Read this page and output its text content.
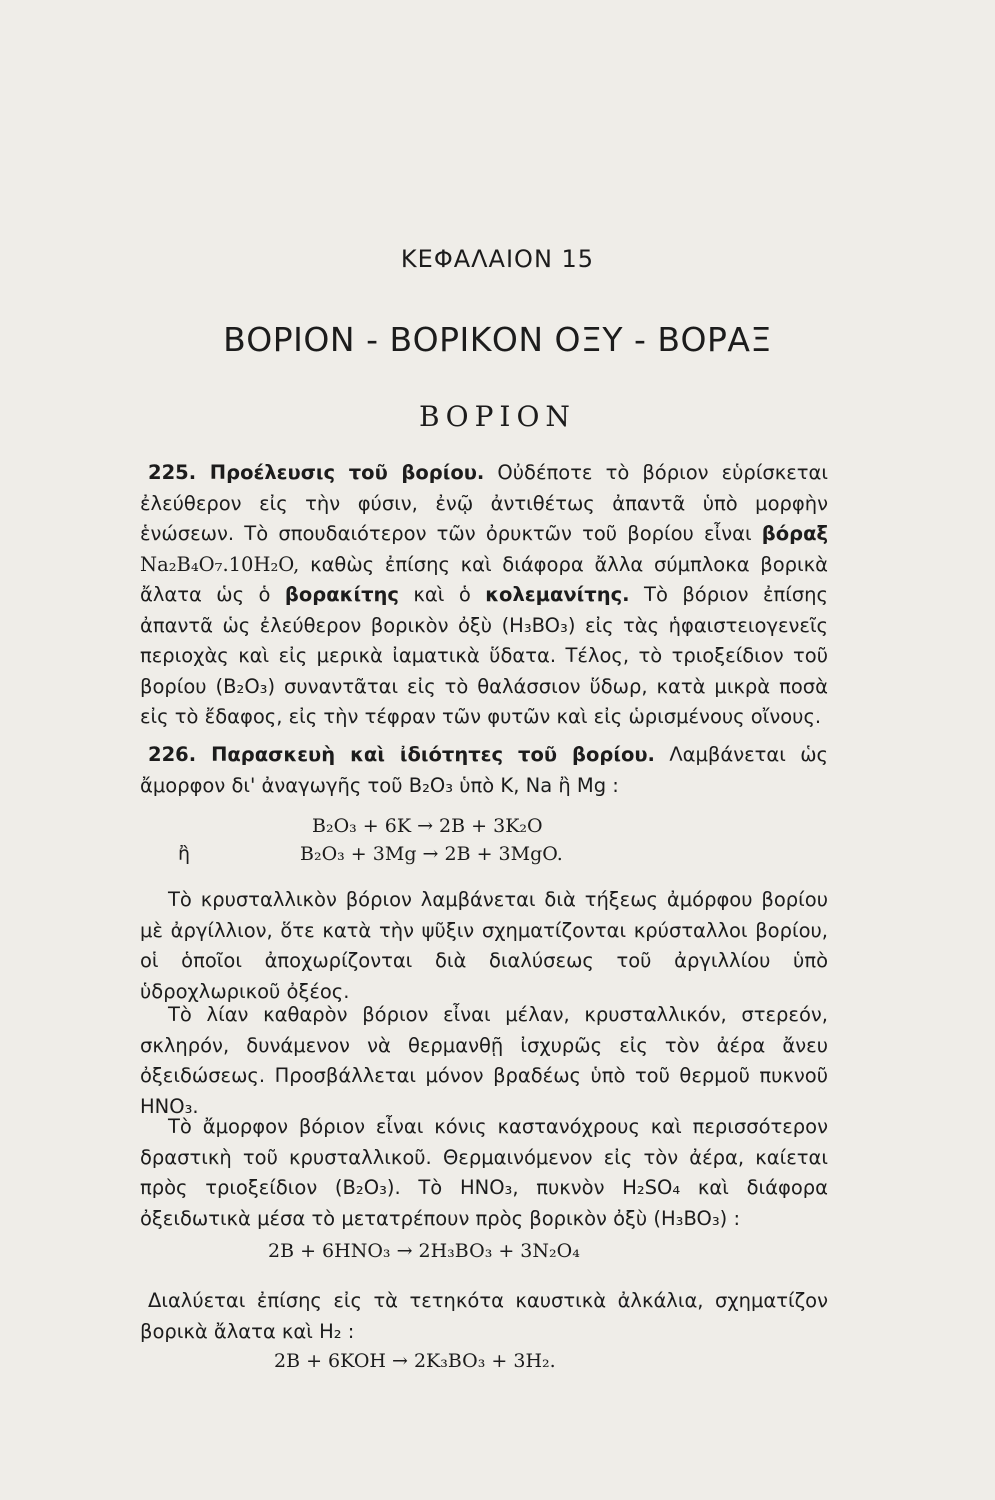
ΚΕΦΑΛΑΙΟΝ 15
ΒΟΡΙΟΝ - ΒΟΡΙΚΟΝ ΟΞΥ - ΒΟΡΑΞ
ΒΟΡΙΟΝ

225. Προέλευσις τοῦ βορίου. Οὐδέποτε τὸ βόριον εὑρίσκεται ἐλεύθερον εἰς τὴν φύσιν, ἐνῷ ἀντιθέτως ἀπαντᾶ ὑπὸ μορφὴν ἑνώσεων. Τὸ σπουδαιότερον τῶν ὀρυκτῶν τοῦ βορίου εἶναι βόραξ Na₂B₄O₇.10H₂O, καθὼς ἐπίσης καὶ διάφορα ἄλλα σύμπλοκα βορικὰ ἄλατα ὡς ὁ βορακίτης καὶ ὁ κολεμανίτης. Τὸ βόριον ἐπίσης ἀπαντᾶ ὡς ἐλεύθερον βορικὸν ὀξὺ (H₃BO₃) εἰς τὰς ἡφαιστειογενεῖς περιοχὰς καὶ εἰς μερικὰ ἰαματικὰ ὕδατα. Τέλος, τὸ τριοξείδιον τοῦ βορίου (B₂O₃) συναντᾶται εἰς τὸ θαλάσσιον ὕδωρ, κατὰ μικρὰ ποσὰ εἰς τὸ ἔδαφος, εἰς τὴν τέφραν τῶν φυτῶν καὶ εἰς ὡρισμένους οἴνους.

226. Παρασκευὴ καὶ ἰδιότητες τοῦ βορίου. Λαμβάνεται ὡς ἄμορφον δι' ἀναγωγῆς τοῦ B₂O₃ ὑπὸ K, Na ἢ Mg :

B₂O₃ + 6K → 2B + 3K₂O
ἢ	B₂O₃ + 3Mg → 2B + 3MgO.

Τὸ κρυσταλλικὸν βόριον λαμβάνεται διὰ τήξεως ἀμόρφου βορίου μὲ ἀργίλλιον, ὅτε κατὰ τὴν ψῦξιν σχηματίζονται κρύσταλλοι βορίου, οἱ ὁποῖοι ἀποχωρίζονται διὰ διαλύσεως τοῦ ἀργιλλίου ὑπὸ ὑδροχλωρικοῦ ὀξέος.

Τὸ λίαν καθαρὸν βόριον εἶναι μέλαν, κρυσταλλικόν, στερεόν, σκληρόν, δυνάμενον νὰ θερμανθῇ ἰσχυρῶς εἰς τὸν ἀέρα ἄνευ ὀξειδώσεως. Προσβάλλεται μόνον βραδέως ὑπὸ τοῦ θερμοῦ πυκνοῦ HNO₃.

Τὸ ἄμορφον βόριον εἶναι κόνις καστανόχρους καὶ περισσότερον δραστικὴ τοῦ κρυσταλλικοῦ. Θερμαινόμενον εἰς τὸν ἀέρα, καίεται πρὸς τριοξείδιον (B₂O₃). Τὸ HNO₃, πυκνὸν H₂SO₄ καὶ διάφορα ὀξειδωτικὰ μέσα τὸ μετατρέπουν πρὸς βορικὸν ὀξὺ (H₃BO₃) :

2B + 6HNO₃ → 2H₃BO₃ + 3N₂O₄

Διαλύεται ἐπίσης εἰς τὰ τετηκότα καυστικὰ ἀλκάλια, σχηματίζον βορικὰ ἄλατα καὶ H₂ :

2B + 6KOH → 2K₃BO₃ + 3H₂.
